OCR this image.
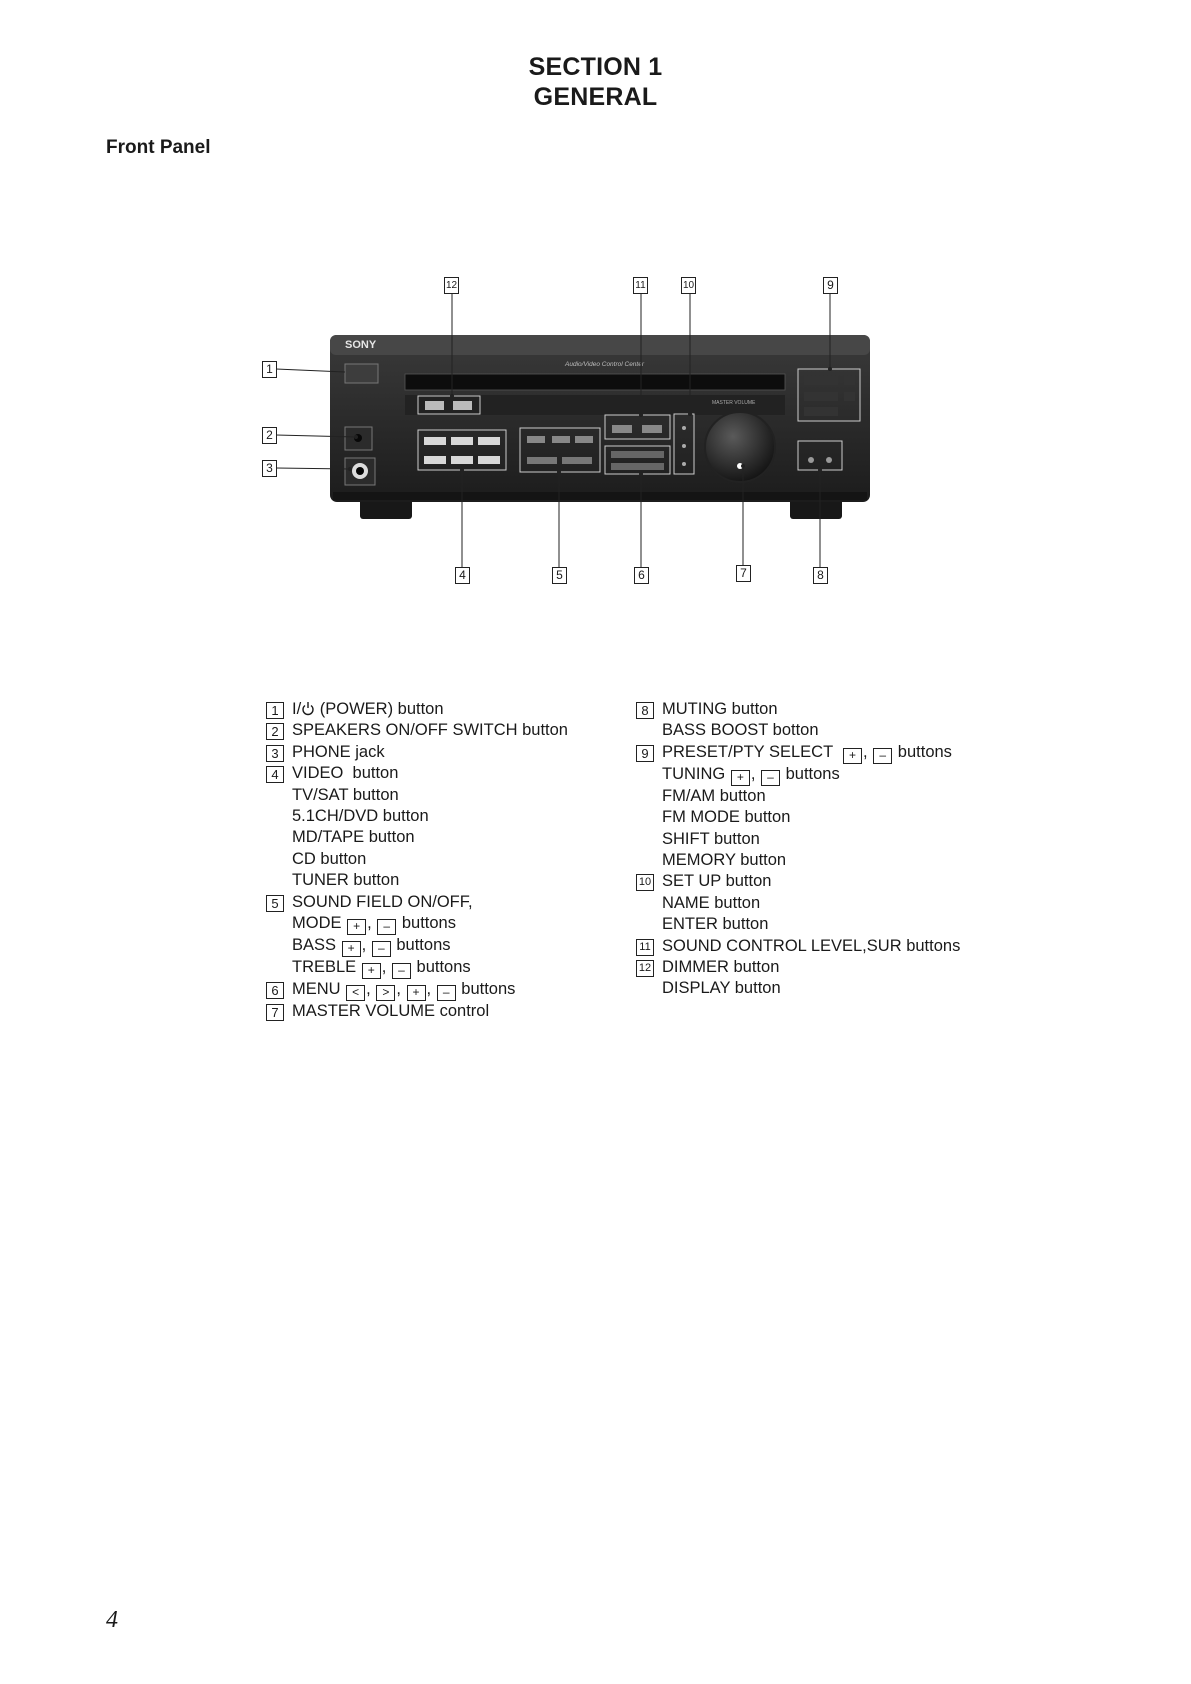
SECTION 1
GENERAL
Front Panel
SONY
Audio/Video Control Center
MASTER VOLUME
1
2
3
4	5	6	7	8
9
10
11
12
1 I/ (POWER) button
2 SPEAKERS ON/OFF SWITCH button
3 PHONE jack
4 VIDEO  button
TV/SAT button
5.1CH/DVD button
MD/TAPE button
CD button
TUNER button
5 SOUND FIELD ON/OFF,
MODE + , – buttons
BASS + , – buttons
TREBLE + , – buttons
6 MENU < , > , + , – buttons
7 MASTER VOLUME control
8 MUTING button
BASS BOOST botton
9 PRESET/PTY SELECT  + , – buttons
TUNING + , – buttons
FM/AM button
FM MODE button
SHIFT button
MEMORY button
10 SET UP button
NAME button
ENTER button
11 SOUND CONTROL LEVEL,SUR buttons
12 DIMMER button
DISPLAY button
4
